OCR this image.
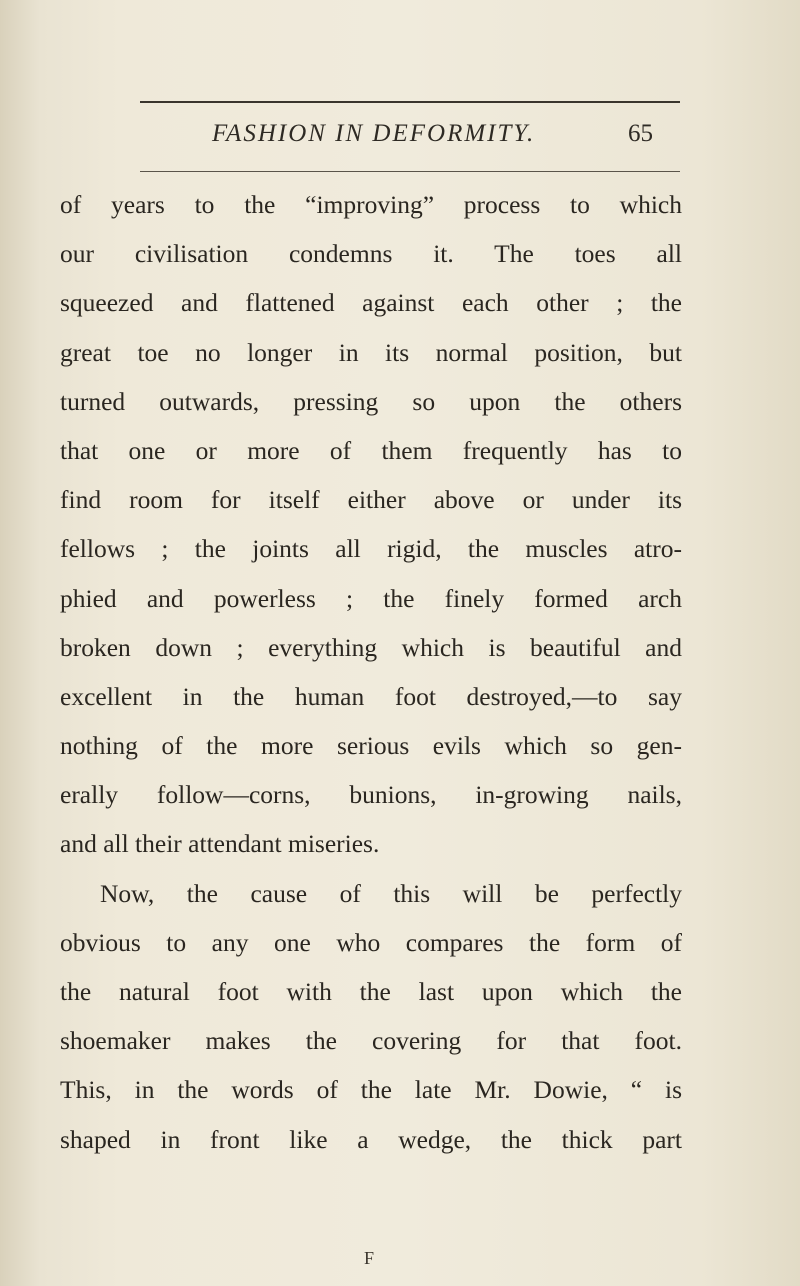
FASHION IN DEFORMITY.	65
of years to the “improving” process to which
our civilisation condemns it. The toes all
squeezed and flattened against each other ; the
great toe no longer in its normal position, but
turned outwards, pressing so upon the others
that one or more of them frequently has to
find room for itself either above or under its
fellows ; the joints all rigid, the muscles atro-
phied and powerless ; the finely formed arch
broken down ; everything which is beautiful and
excellent in the human foot destroyed,—to say
nothing of the more serious evils which so gen-
erally follow—corns, bunions, in-growing nails,
and all their attendant miseries.
Now, the cause of this will be perfectly
obvious to any one who compares the form of
the natural foot with the last upon which the
shoemaker makes the covering for that foot.
This, in the words of the late Mr. Dowie, “ is
shaped in front like a wedge, the thick part
F
